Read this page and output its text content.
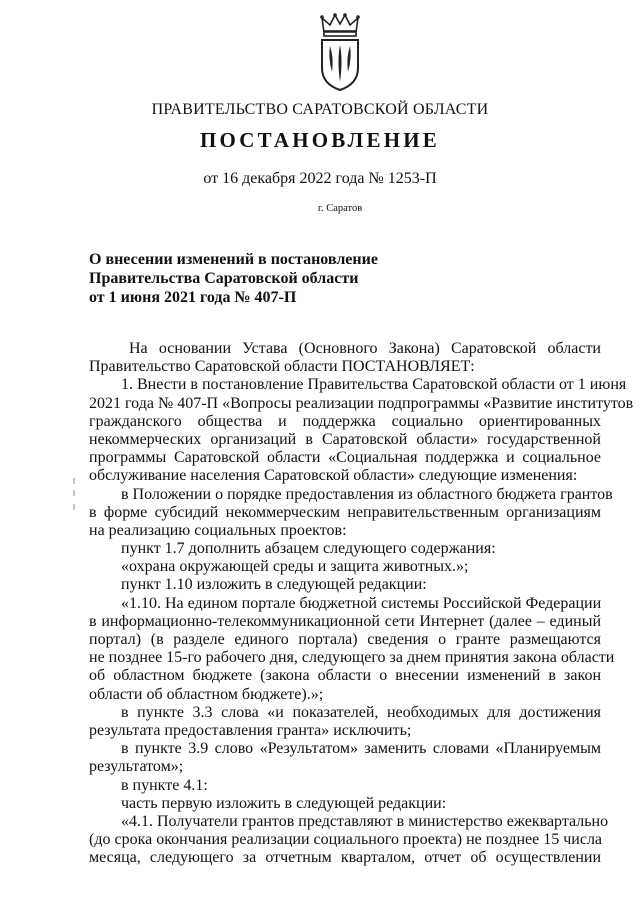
ПРАВИТЕЛЬСТВО САРАТОВСКОЙ ОБЛАСТИ
ПОСТАНОВЛЕНИЕ
от 16 декабря 2022 года № 1253-П
г. Саратов
О внесении изменений в постановление
Правительства Саратовской области
от 1 июня 2021 года № 407-П
На основании Устава (Основного Закона) Саратовской области
Правительство Саратовской области ПОСТАНОВЛЯЕТ:
1. Внести в постановление Правительства Саратовской области от 1 июня
2021 года № 407-П «Вопросы реализации подпрограммы «Развитие институтов
гражданского общества и поддержка социально ориентированных
некоммерческих организаций в Саратовской области» государственной
программы Саратовской области «Социальная поддержка и социальное
обслуживание населения Саратовской области» следующие изменения:
в Положении о порядке предоставления из областного бюджета грантов
в форме субсидий некоммерческим неправительственным организациям
на реализацию социальных проектов:
пункт 1.7 дополнить абзацем следующего содержания:
«охрана окружающей среды и защита животных.»;
пункт 1.10 изложить в следующей редакции:
«1.10. На едином портале бюджетной системы Российской Федерации
в информационно-телекоммуникационной сети Интернет (далее – единый
портал) (в разделе единого портала) сведения о гранте размещаются
не позднее 15-го рабочего дня, следующего за днем принятия закона области
об областном бюджете (закона области о внесении изменений в закон
области об областном бюджете).»;
в пункте 3.3 слова «и показателей, необходимых для достижения
результата предоставления гранта» исключить;
в пункте 3.9 слово «Результатом» заменить словами «Планируемым
результатом»;
в пункте 4.1:
часть первую изложить в следующей редакции:
«4.1. Получатели грантов представляют в министерство ежеквартально
(до срока окончания реализации социального проекта) не позднее 15 числа
месяца, следующего за отчетным кварталом, отчет об осуществлении
